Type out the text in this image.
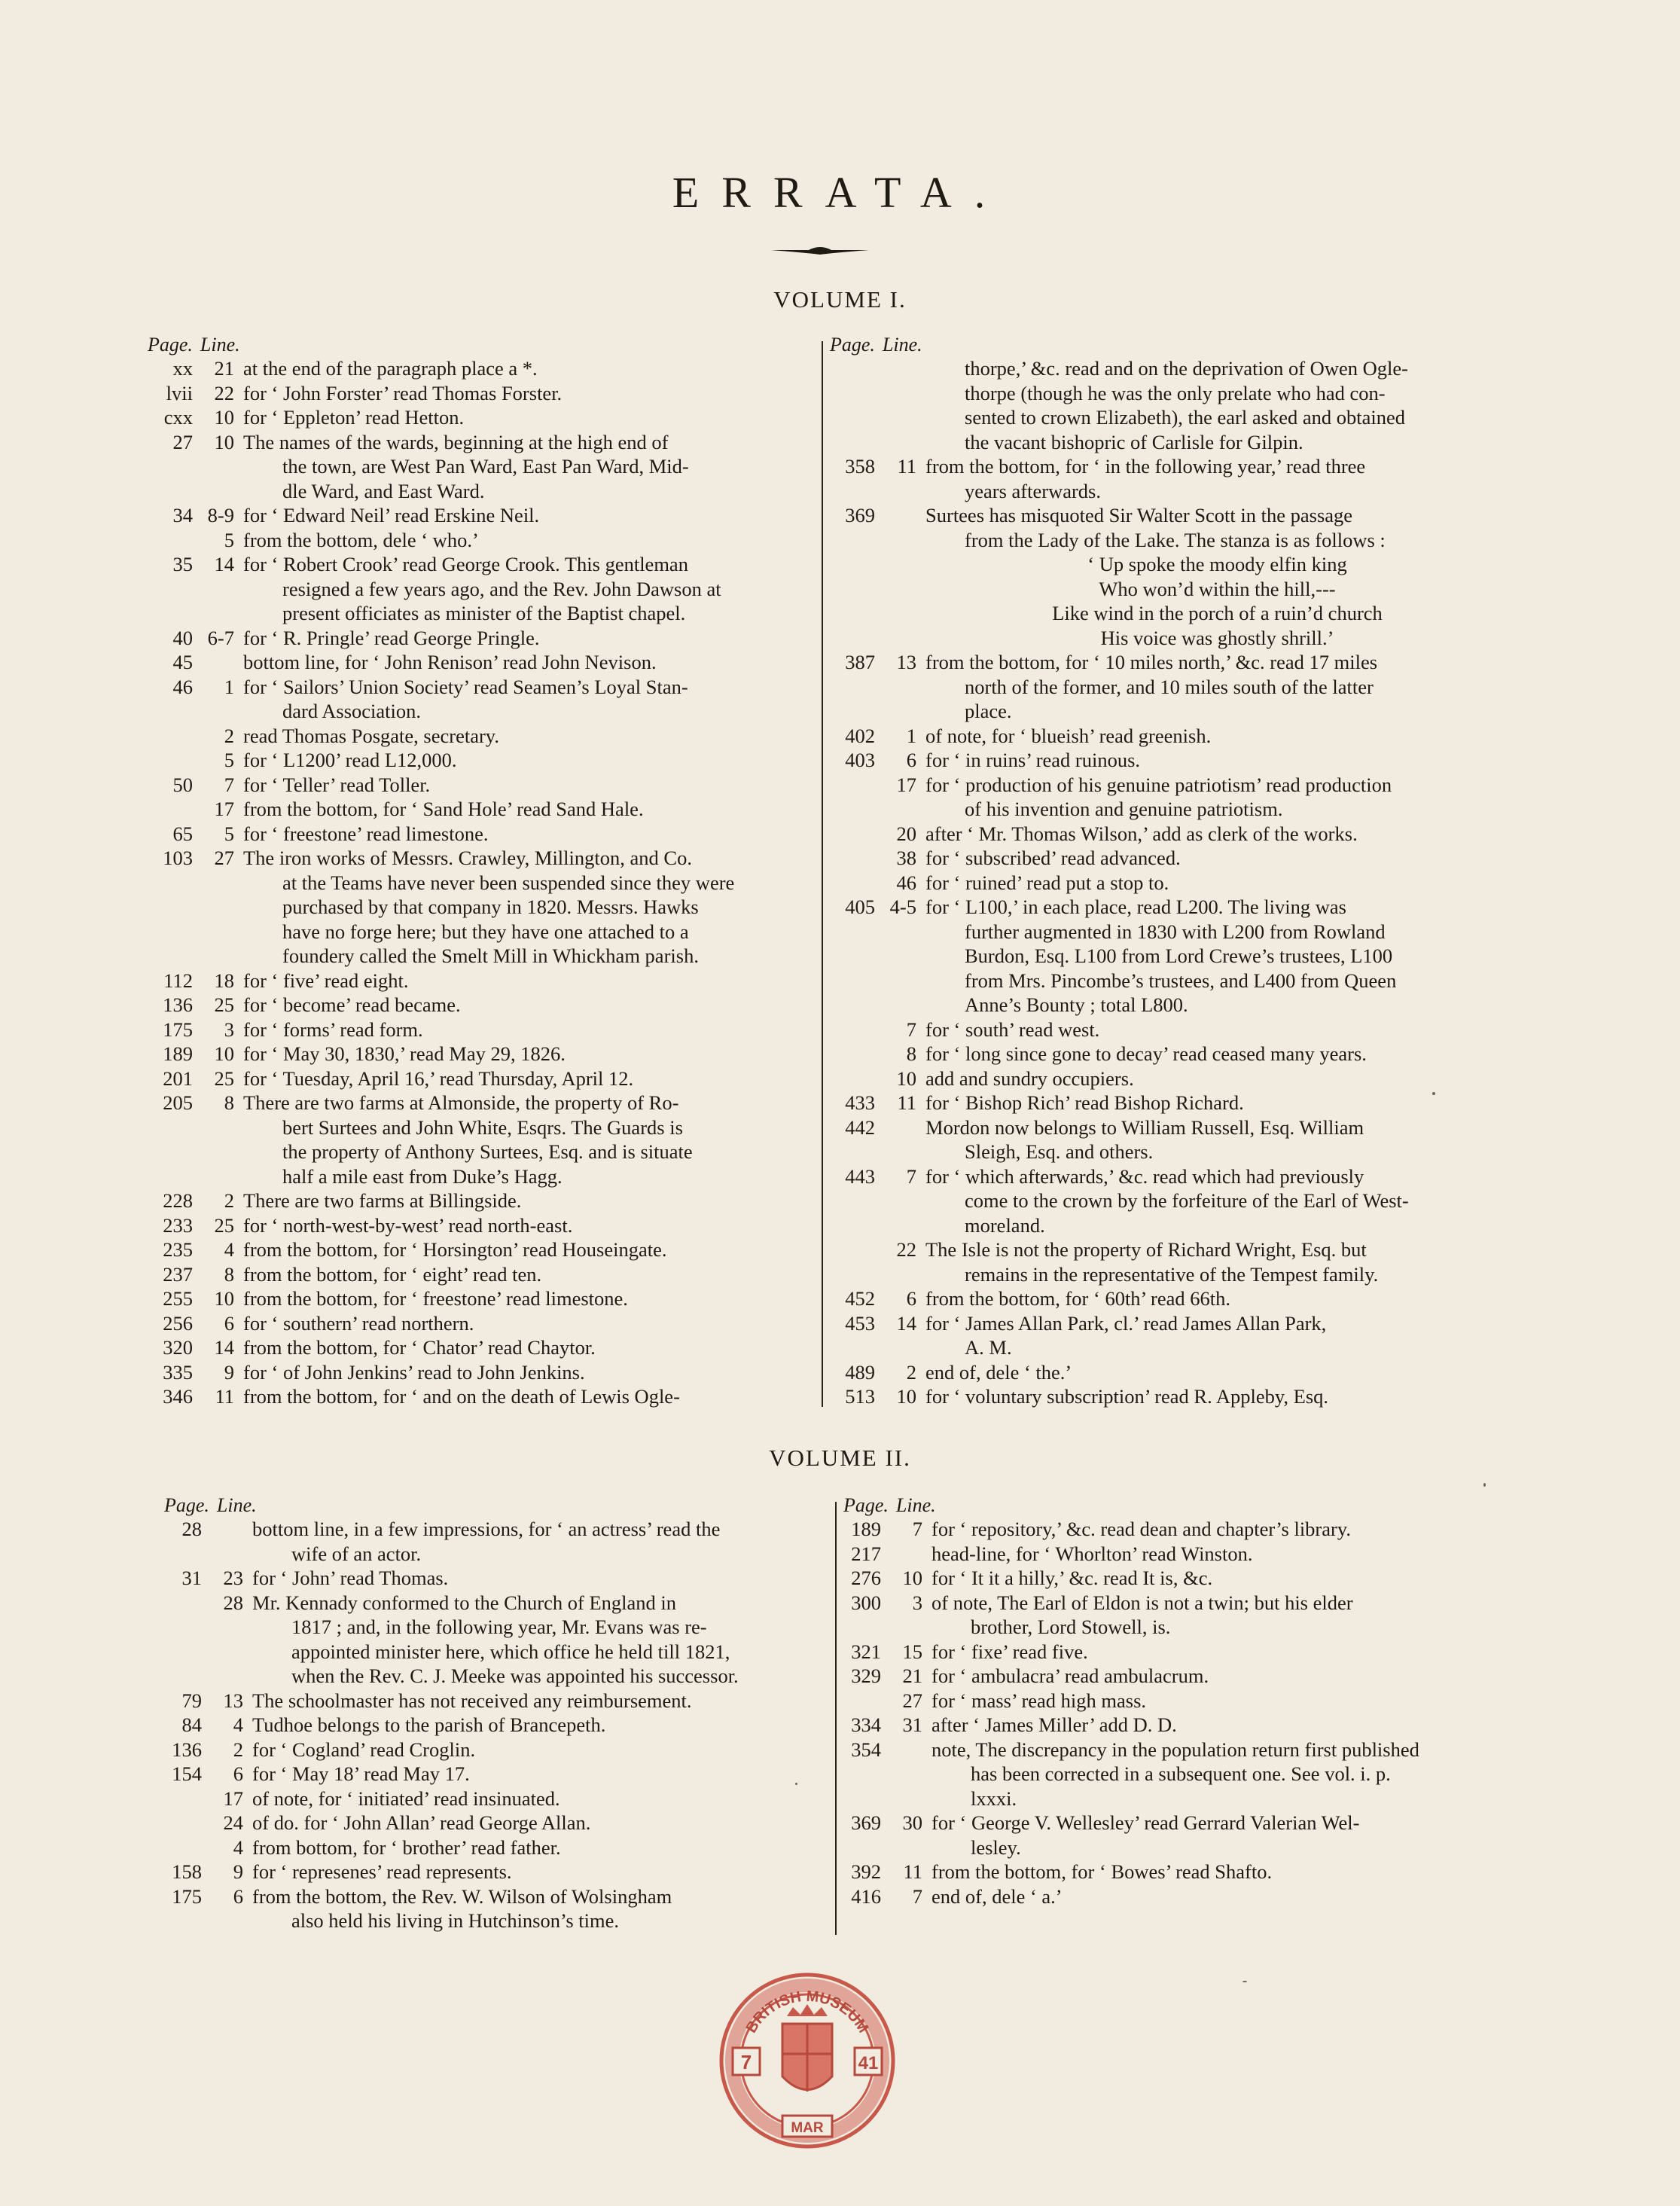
ERRATA.
VOLUME I.
Page. Line.
xx	21 at the end of the paragraph place a *.
lvii	22 for ‘ John Forster’ read Thomas Forster.
cxx	10 for ‘ Eppleton’ read Hetton.
27	10 The names of the wards, beginning at the high end of
the town, are West Pan Ward, East Pan Ward, Mid-
dle Ward, and East Ward.
34 8-9 for ‘ Edward Neil’ read Erskine Neil.
5 from the bottom, dele ‘ who.’
35	14 for ‘ Robert Crook’ read George Crook. This gentleman
resigned a few years ago, and the Rev. John Dawson at
present officiates as minister of the Baptist chapel.
40 6-7 for ‘ R. Pringle’ read George Pringle.
45	bottom line, for ‘ John Renison’ read John Nevison.
46	1 for ‘ Sailors’ Union Society’ read Seamen’s Loyal Stan-
dard Association.
2 read Thomas Posgate, secretary.
5 for ‘ L1200’ read L12,000.
50	7 for ‘ Teller’ read Toller.
17 from the bottom, for ‘ Sand Hole’ read Sand Hale.
65	5 for ‘ freestone’ read limestone.
103	27 The iron works of Messrs. Crawley, Millington, and Co.
at the Teams have never been suspended since they were
purchased by that company in 1820. Messrs. Hawks
have no forge here; but they have one attached to a
foundery called the Smelt Mill in Whickham parish.
112	18 for ‘ five’ read eight.
136	25 for ‘ become’ read became.
175	3 for ‘ forms’ read form.
189	10 for ‘ May 30, 1830,’ read May 29, 1826.
201	25 for ‘ Tuesday, April 16,’ read Thursday, April 12.
205	8 There are two farms at Almonside, the property of Ro-
bert Surtees and John White, Esqrs. The Guards is
the property of Anthony Surtees, Esq. and is situate
half a mile east from Duke’s Hagg.
228	2 There are two farms at Billingside.
233	25 for ‘ north-west-by-west’ read north-east.
235	4 from the bottom, for ‘ Horsington’ read Houseingate.
237	8 from the bottom, for ‘ eight’ read ten.
255	10 from the bottom, for ‘ freestone’ read limestone.
256	6 for ‘ southern’ read northern.
320	14 from the bottom, for ‘ Chator’ read Chaytor.
335	9 for ‘ of John Jenkins’ read to John Jenkins.
346	11 from the bottom, for ‘ and on the death of Lewis Ogle-
Page. Line.
thorpe,’ &c. read and on the deprivation of Owen Ogle-
thorpe (though he was the only prelate who had con-
sented to crown Elizabeth), the earl asked and obtained
the vacant bishopric of Carlisle for Gilpin.
358	11 from the bottom, for ‘ in the following year,’ read three
years afterwards.
369	Surtees has misquoted Sir Walter Scott in the passage
from the Lady of the Lake. The stanza is as follows :
‘ Up spoke the moody elfin king
Who won’d within the hill,---
Like wind in the porch of a ruin’d church
His voice was ghostly shrill.’
387	13 from the bottom, for ‘ 10 miles north,’ &c. read 17 miles
north of the former, and 10 miles south of the latter
place.
402	1 of note, for ‘ blueish’ read greenish.
403	6 for ‘ in ruins’ read ruinous.
17 for ‘ production of his genuine patriotism’ read production
of his invention and genuine patriotism.
20 after ‘ Mr. Thomas Wilson,’ add as clerk of the works.
38 for ‘ subscribed’ read advanced.
46 for ‘ ruined’ read put a stop to.
405 4-5 for ‘ L100,’ in each place, read L200. The living was
further augmented in 1830 with L200 from Rowland
Burdon, Esq. L100 from Lord Crewe’s trustees, L100
from Mrs. Pincombe’s trustees, and L400 from Queen
Anne’s Bounty ; total L800.
7 for ‘ south’ read west.
8 for ‘ long since gone to decay’ read ceased many years.
10 add and sundry occupiers.
433	11 for ‘ Bishop Rich’ read Bishop Richard.
442	Mordon now belongs to William Russell, Esq. William
Sleigh, Esq. and others.
443	7 for ‘ which afterwards,’ &c. read which had previously
come to the crown by the forfeiture of the Earl of West-
moreland.
22 The Isle is not the property of Richard Wright, Esq. but
remains in the representative of the Tempest family.
452	6 from the bottom, for ‘ 60th’ read 66th.
453	14 for ‘ James Allan Park, cl.’ read James Allan Park,
A. M.
489	2 end of, dele ‘ the.’
513	10 for ‘ voluntary subscription’ read R. Appleby, Esq.
VOLUME II.
Page. Line.
28	bottom line, in a few impressions, for ‘ an actress’ read the
wife of an actor.
31	23 for ‘ John’ read Thomas.
28 Mr. Kennady conformed to the Church of England in
1817 ; and, in the following year, Mr. Evans was re-
appointed minister here, which office he held till 1821,
when the Rev. C. J. Meeke was appointed his successor.
79	13 The schoolmaster has not received any reimbursement.
84	4 Tudhoe belongs to the parish of Brancepeth.
136	2 for ‘ Cogland’ read Croglin.
154	6 for ‘ May 18’ read May 17.
17 of note, for ‘ initiated’ read insinuated.
24 of do. for ‘ John Allan’ read George Allan.
4 from bottom, for ‘ brother’ read father.
158	9 for ‘ represenes’ read represents.
175	6 from the bottom, the Rev. W. Wilson of Wolsingham
also held his living in Hutchinson’s time.
Page. Line.
189	7 for ‘ repository,’ &c. read dean and chapter’s library.
217	head-line, for ‘ Whorlton’ read Winston.
276	10 for ‘ It it a hilly,’ &c. read It is, &c.
300	3 of note, The Earl of Eldon is not a twin; but his elder
brother, Lord Stowell, is.
321	15 for ‘ fixe’ read five.
329	21 for ‘ ambulacra’ read ambulacrum.
27 for ‘ mass’ read high mass.
334	31 after ‘ James Miller’ add D. D.
354	note, The discrepancy in the population return first published
has been corrected in a subsequent one. See vol. i. p.
lxxxi.
369	30 for ‘ George V. Wellesley’ read Gerrard Valerian Wel-
lesley.
392	11 from the bottom, for ‘ Bowes’ read Shafto.
416	7 end of, dele ‘ a.’
BRITISH MUSEUM
7	41
MAR
